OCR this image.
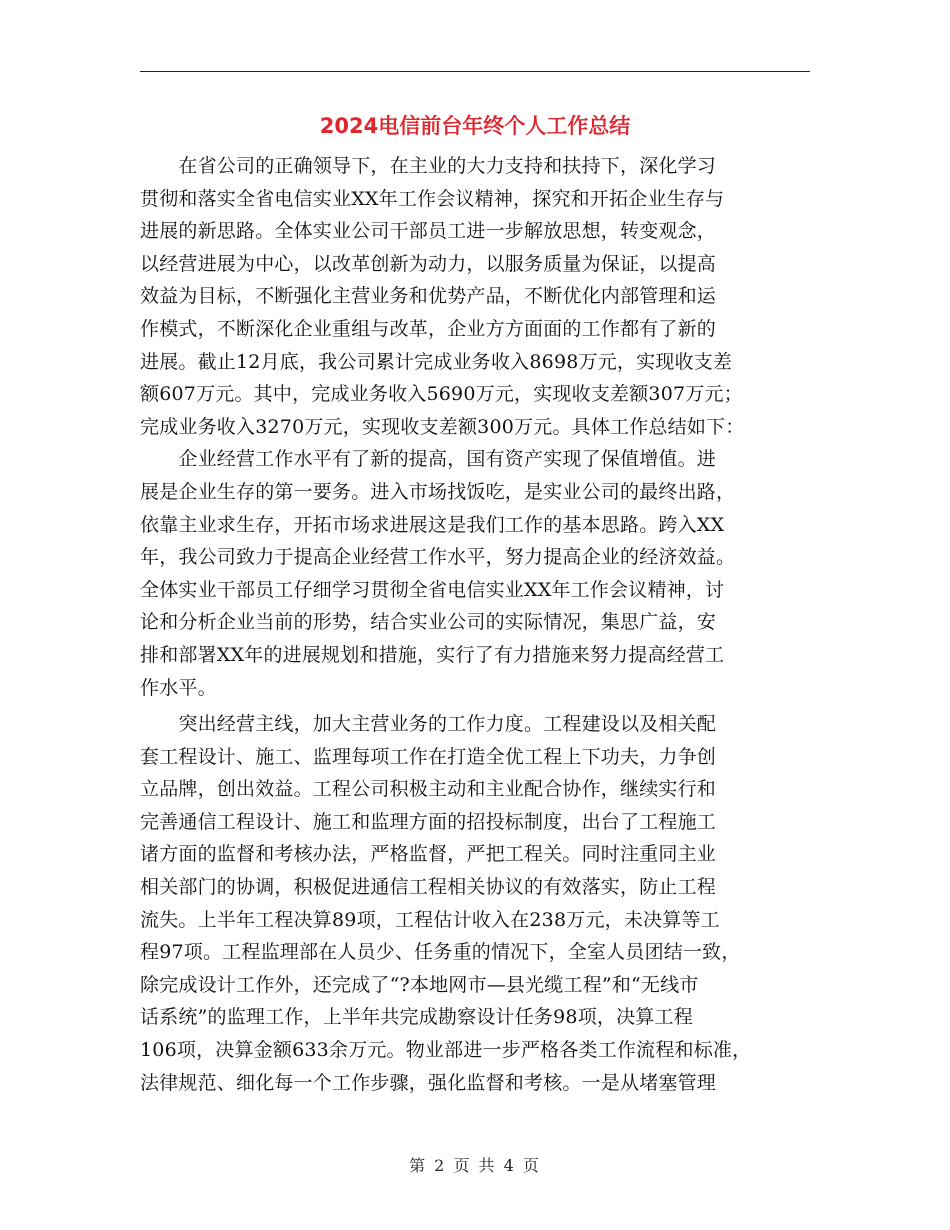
2024电信前台年终个人工作总结
　　在省公司的正确领导下，在主业的大力支持和扶持下，深化学习
贯彻和落实全省电信实业XX年工作会议精神，探究和开拓企业生存与
进展的新思路。全体实业公司干部员工进一步解放思想，转变观念，
以经营进展为中心，以改革创新为动力，以服务质量为保证，以提高
效益为目标，不断强化主营业务和优势产品，不断优化内部管理和运
作模式，不断深化企业重组与改革，企业方方面面的工作都有了新的
进展。截止12月底，我公司累计完成业务收入8698万元，实现收支差
额607万元。其中，完成业务收入5690万元，实现收支差额307万元；
完成业务收入3270万元，实现收支差额300万元。具体工作总结如下：
　　企业经营工作水平有了新的提高，国有资产实现了保值增值。进
展是企业生存的第一要务。进入市场找饭吃，是实业公司的最终出路，
依靠主业求生存，开拓市场求进展这是我们工作的基本思路。跨入XX
年，我公司致力于提高企业经营工作水平，努力提高企业的经济效益。
全体实业干部员工仔细学习贯彻全省电信实业XX年工作会议精神，讨
论和分析企业当前的形势，结合实业公司的实际情况，集思广益，安
排和部署XX年的进展规划和措施，实行了有力措施来努力提高经营工
作水平。
　　突出经营主线，加大主营业务的工作力度。工程建设以及相关配
套工程设计、施工、监理每项工作在打造全优工程上下功夫，力争创
立品牌，创出效益。工程公司积极主动和主业配合协作，继续实行和
完善通信工程设计、施工和监理方面的招投标制度，出台了工程施工
诸方面的监督和考核办法，严格监督，严把工程关。同时注重同主业
相关部门的协调，积极促进通信工程相关协议的有效落实，防止工程
流失。上半年工程决算89项，工程估计收入在238万元，未决算等工
程97项。工程监理部在人员少、任务重的情况下，全室人员团结一致，
除完成设计工作外，还完成了“?本地网市—县光缆工程”和“无线市
话系统”的监理工作，上半年共完成勘察设计任务98项，决算工程
106项，决算金额633余万元。物业部进一步严格各类工作流程和标准，
法律规范、细化每一个工作步骤，强化监督和考核。一是从堵塞管理
第 2 页 共 4 页
